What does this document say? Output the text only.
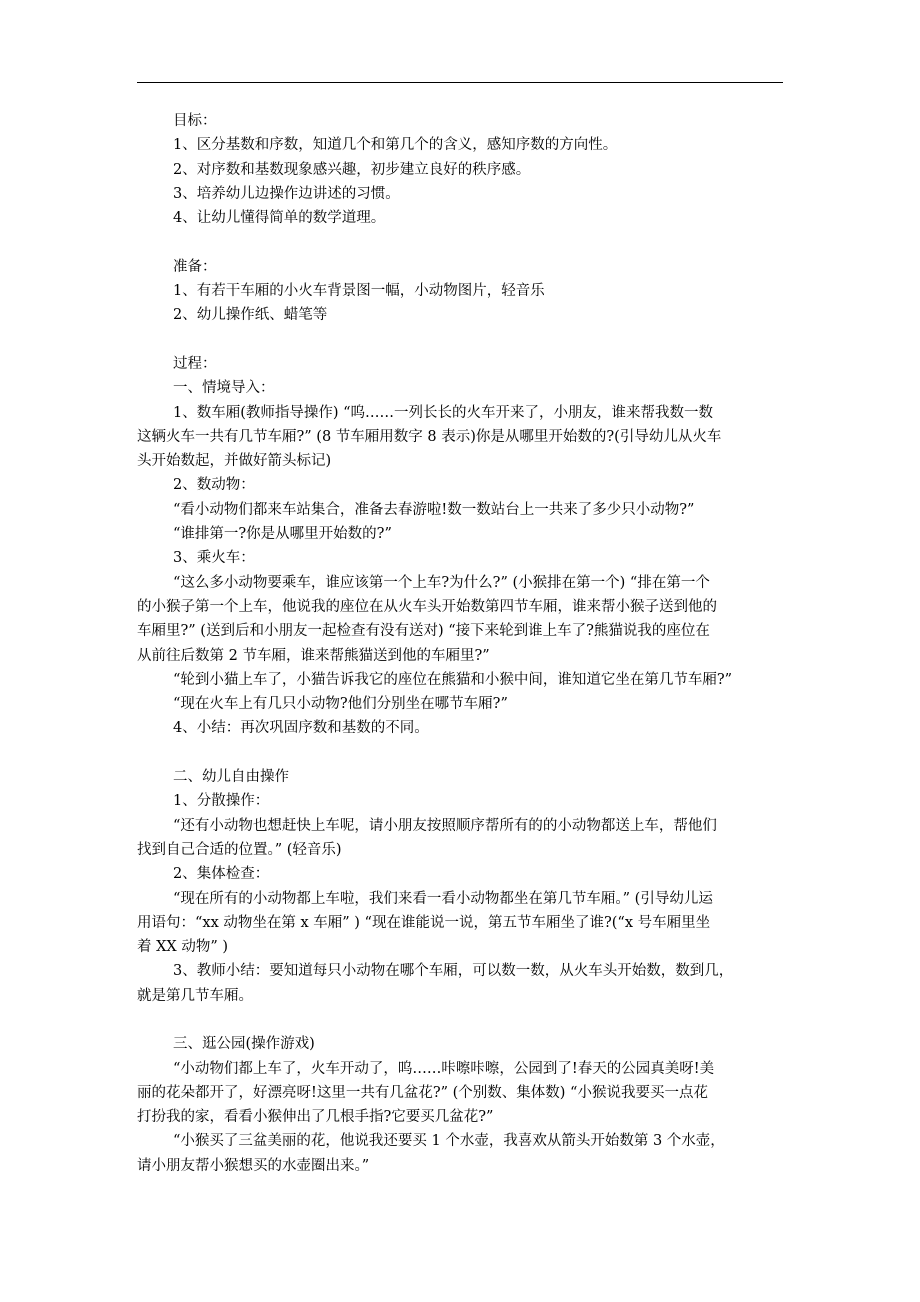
目标：
1、区分基数和序数，知道几个和第几个的含义，感知序数的方向性。
2、对序数和基数现象感兴趣，初步建立良好的秩序感。
3、培养幼儿边操作边讲述的习惯。
4、让幼儿懂得简单的数学道理。
准备：
1、有若干车厢的小火车背景图一幅，小动物图片，轻音乐
2、幼儿操作纸、蜡笔等
过程：
一、情境导入：
1、数车厢(教师指导操作) “呜……一列长长的火车开来了，小朋友，谁来帮我数一数
这辆火车一共有几节车厢?” (8 节车厢用数字 8 表示)你是从哪里开始数的?(引导幼儿从火车
头开始数起，并做好箭头标记)
2、数动物：
“看小动物们都来车站集合，准备去春游啦!数一数站台上一共来了多少只小动物?”
“谁排第一?你是从哪里开始数的?”
3、乘火车：
“这么多小动物要乘车，谁应该第一个上车?为什么?” (小猴排在第一个) “排在第一个
的小猴子第一个上车，他说我的座位在从火车头开始数第四节车厢，谁来帮小猴子送到他的
车厢里?” (送到后和小朋友一起检查有没有送对) “接下来轮到谁上车了?熊猫说我的座位在
从前往后数第 2 节车厢，谁来帮熊猫送到他的车厢里?”
“轮到小猫上车了，小猫告诉我它的座位在熊猫和小猴中间，谁知道它坐在第几节车厢?”
“现在火车上有几只小动物?他们分别坐在哪节车厢?”
4、小结：再次巩固序数和基数的不同。
二、幼儿自由操作
1、分散操作：
“还有小动物也想赶快上车呢，请小朋友按照顺序帮所有的的小动物都送上车，帮他们
找到自己合适的位置。” (轻音乐)
2、集体检查：
“现在所有的小动物都上车啦，我们来看一看小动物都坐在第几节车厢。” (引导幼儿运
用语句：“xx 动物坐在第 x 车厢” ) “现在谁能说一说，第五节车厢坐了谁?(“x 号车厢里坐
着 XX 动物” )
3、教师小结：要知道每只小动物在哪个车厢，可以数一数，从火车头开始数，数到几，
就是第几节车厢。
三、逛公园(操作游戏)
“小动物们都上车了，火车开动了，呜……咔嚓咔嚓，公园到了!春天的公园真美呀!美
丽的花朵都开了，好漂亮呀!这里一共有几盆花?” (个别数、集体数) “小猴说我要买一点花
打扮我的家，看看小猴伸出了几根手指?它要买几盆花?”
“小猴买了三盆美丽的花，他说我还要买 1 个水壶，我喜欢从箭头开始数第 3 个水壶，
请小朋友帮小猴想买的水壶圈出来。”
